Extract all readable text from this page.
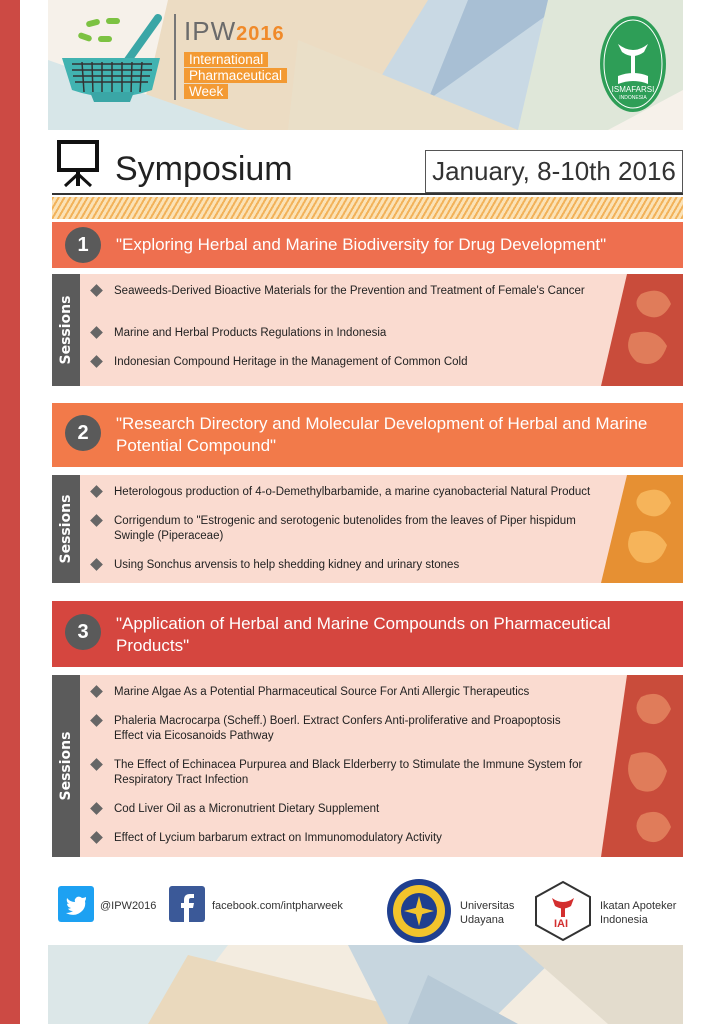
IPW2016
International
Pharmaceutical
Week	ISMAFARSI
INDONESIA
Symposium	January, 8-10th 2016
1	"Exploring Herbal and Marine Biodiversity for Drug Development"
Sessions
Seaweeds-Derived Bioactive Materials for the Prevention and Treatment of Female's Cancer
Marine and Herbal Products Regulations in Indonesia
Indonesian Compound Heritage in the Management of Common Cold
2	"Research Directory and Molecular Development of Herbal and Marine Potential Compound"
Sessions
Heterologous production of 4-o-Demethylbarbamide, a marine cyanobacterial Natural Product
Corrigendum to "Estrogenic and serotogenic butenolides from the leaves of Piper hispidum Swingle (Piperaceae)
Using Sonchus arvensis to help shedding kidney and urinary stones
3	"Application of Herbal and Marine Compounds on Pharmaceutical Products"
Sessions
Marine Algae As a Potential Pharmaceutical Source For Anti Allergic Therapeutics
Phaleria Macrocarpa (Scheff.) Boerl. Extract Confers Anti-proliferative and Proapoptosis Effect via Eicosanoids Pathway
The Effect of Echinacea Purpurea and Black Elderberry to Stimulate the Immune System for Respiratory Tract Infection
Cod Liver Oil as a Micronutrient Dietary Supplement
Effect of Lycium barbarum extract on Immunomodulatory Activity
@IPW2016	facebook.com/intpharweek	Universitas
Udayana	IAI
Ikatan Apoteker
Indonesia
